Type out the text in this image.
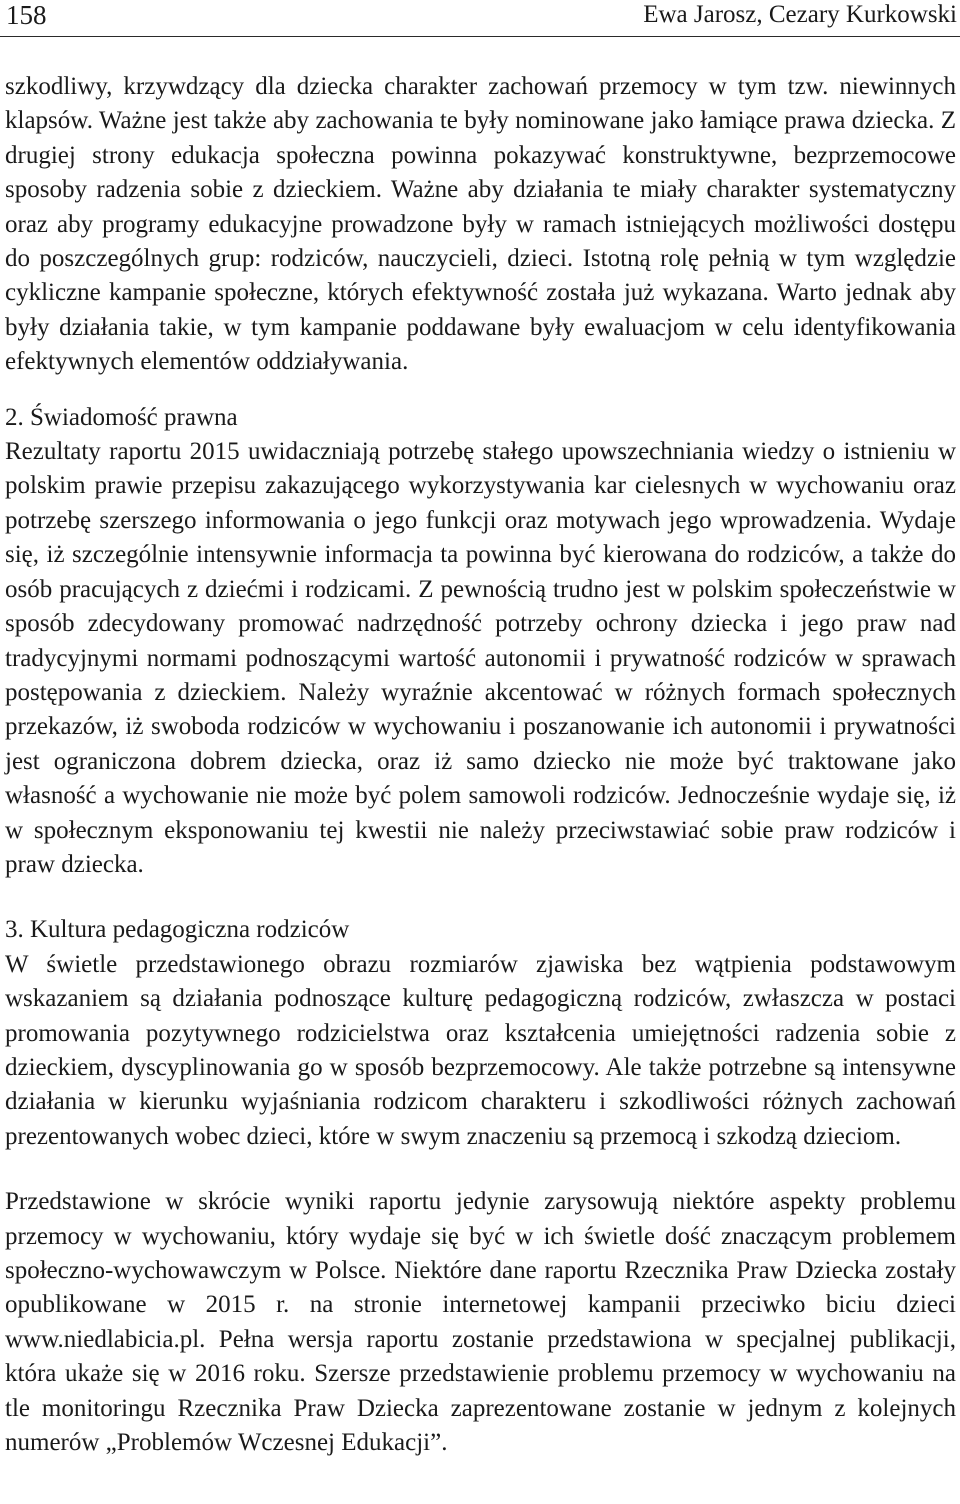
158	Ewa Jarosz, Cezary Kurkowski

szkodliwy, krzywdzący dla dziecka charakter zachowań przemocy w tym tzw. niewinnych klapsów. Ważne jest także aby zachowania te były nominowane jako łamiące prawa dziecka. Z drugiej strony edukacja społeczna powinna pokazywać konstruktywne, bezprzemocowe sposoby radzenia sobie z dzieckiem. Ważne aby działania te miały charakter systematyczny oraz aby programy edukacyjne prowadzone były w ramach istniejących możliwości dostępu do poszczególnych grup: rodziców, nauczycieli, dzieci. Istotną rolę pełnią w tym względzie cykliczne kampanie społeczne, których efektywność została już wykazana. Warto jednak aby były działania takie, w tym kampanie poddawane były ewaluacjom w celu identyfikowania efektywnych elementów oddziaływania.

2. Świadomość prawna

Rezultaty raportu 2015 uwidaczniają potrzebę stałego upowszechniania wiedzy o istnieniu w polskim prawie przepisu zakazującego wykorzystywania kar cielesnych w wychowaniu oraz potrzebę szerszego informowania o jego funkcji oraz motywach jego wprowadzenia. Wydaje się, iż szczególnie intensywnie informacja ta powinna być kierowana do rodziców, a także do osób pracujących z dziećmi i rodzicami. Z pewnością trudno jest w polskim społeczeństwie w sposób zdecydowany promować nadrzędność potrzeby ochrony dziecka i jego praw nad tradycyjnymi normami podnoszącymi wartość autonomii i prywatność rodziców w sprawach postępowania z dzieckiem. Należy wyraźnie akcentować w różnych formach społecznych przekazów, iż swoboda rodziców w wychowaniu i poszanowanie ich autonomii i prywatności jest ograniczona dobrem dziecka, oraz iż samo dziecko nie może być traktowane jako własność a wychowanie nie może być polem samowoli rodziców. Jednocześnie wydaje się, iż w społecznym eksponowaniu tej kwestii nie należy przeciwstawiać sobie praw rodziców i praw dziecka.

3. Kultura pedagogiczna rodziców

W świetle przedstawionego obrazu rozmiarów zjawiska bez wątpienia podstawowym wskazaniem są działania podnoszące kulturę pedagogiczną rodziców, zwłaszcza w postaci promowania pozytywnego rodzicielstwa oraz kształcenia umiejętności radzenia sobie z dzieckiem, dyscyplinowania go w sposób bezprzemocowy. Ale także potrzebne są intensywne działania w kierunku wyjaśniania rodzicom charakteru i szkodliwości różnych zachowań prezentowanych wobec dzieci, które w swym znaczeniu są przemocą i szkodzą dzieciom.

Przedstawione w skrócie wyniki raportu jedynie zarysowują niektóre aspekty problemu przemocy w wychowaniu, który wydaje się być w ich świetle dość znaczącym problemem społeczno-wychowawczym w Polsce. Niektóre dane raportu Rzecznika Praw Dziecka zostały opublikowane w 2015 r. na stronie internetowej kampanii przeciwko biciu dzieci www.niedlabicia.pl. Pełna wersja raportu zostanie przedstawiona w specjalnej publikacji, która ukaże się w 2016 roku. Szersze przedstawienie problemu przemocy w wychowaniu na tle monitoringu Rzecznika Praw Dziecka zaprezentowane zostanie w jednym z kolejnych numerów „Problemów Wczesnej Edukacji”.
